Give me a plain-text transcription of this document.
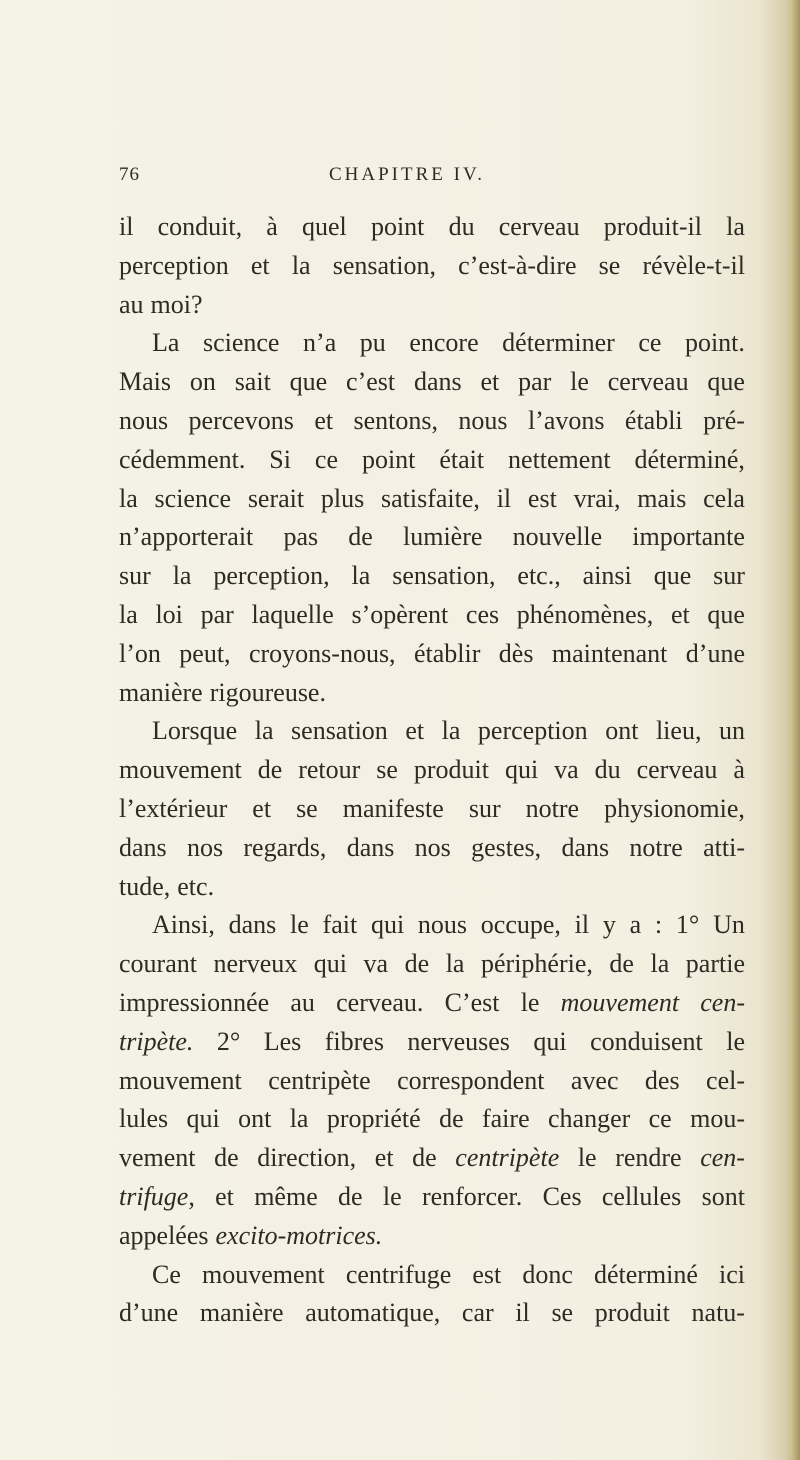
76	CHAPITRE IV.
il conduit, à quel point du cerveau produit-il la
perception et la sensation, c’est-à-dire se révèle-t-il
au moi?
La science n’a pu encore déterminer ce point.
Mais on sait que c’est dans et par le cerveau que
nous percevons et sentons, nous l’avons établi pré-
cédemment. Si ce point était nettement déterminé,
la science serait plus satisfaite, il est vrai, mais cela
n’apporterait pas de lumière nouvelle importante
sur la perception, la sensation, etc., ainsi que sur
la loi par laquelle s’opèrent ces phénomènes, et que
l’on peut, croyons-nous, établir dès maintenant d’une
manière rigoureuse.
Lorsque la sensation et la perception ont lieu, un
mouvement de retour se produit qui va du cerveau à
l’extérieur et se manifeste sur notre physionomie,
dans nos regards, dans nos gestes, dans notre atti-
tude, etc.
Ainsi, dans le fait qui nous occupe, il y a : 1° Un
courant nerveux qui va de la périphérie, de la partie
impressionnée au cerveau. C’est le mouvement cen-
tripète. 2° Les fibres nerveuses qui conduisent le
mouvement centripète correspondent avec des cel-
lules qui ont la propriété de faire changer ce mou-
vement de direction, et de centripète le rendre cen-
trifuge, et même de le renforcer. Ces cellules sont
appelées excito-motrices.
Ce mouvement centrifuge est donc déterminé ici
d’une manière automatique, car il se produit natu-
